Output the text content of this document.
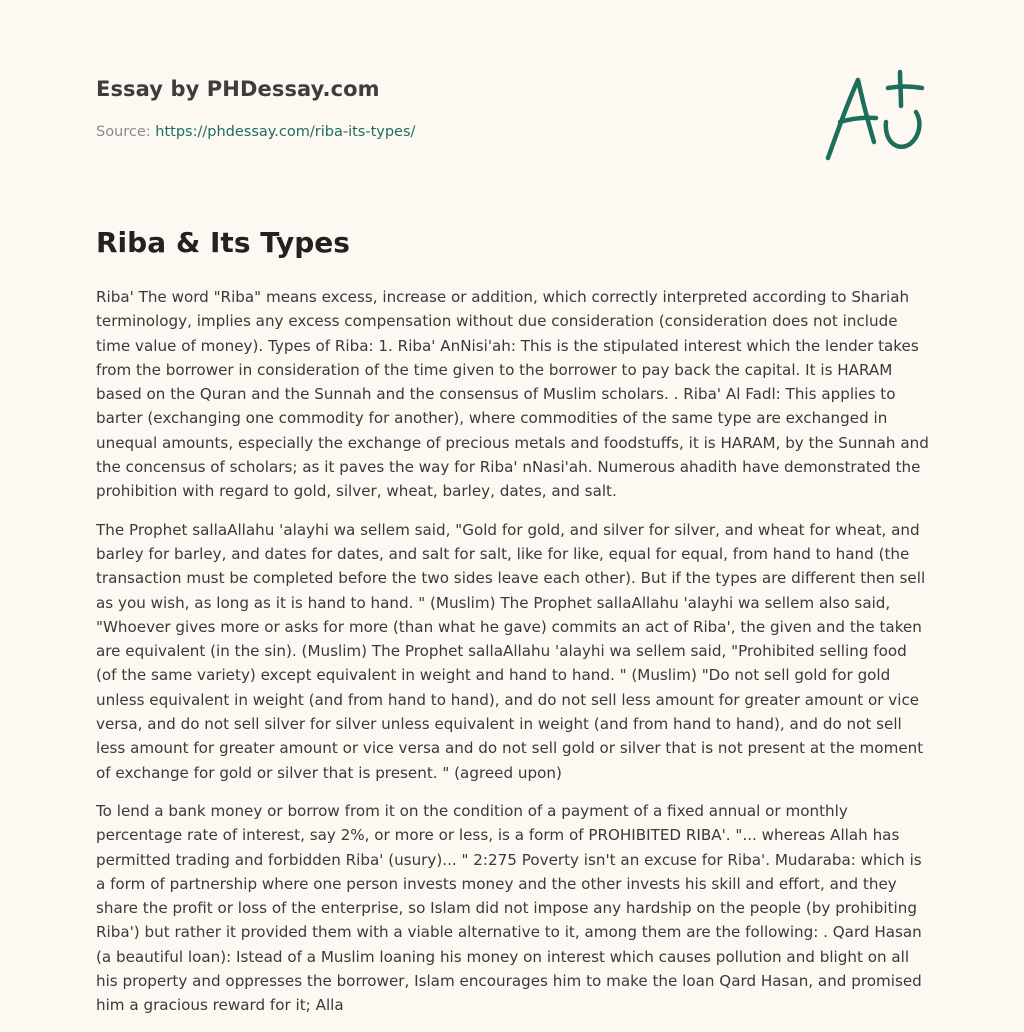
Essay by PHDessay.com
Source: https://phdessay.com/riba-its-types/
Riba & Its Types

Riba' The word "Riba" means excess, increase or addition, which correctly interpreted according to Shariah terminology, implies any excess compensation without due consideration (consideration does not include time value of money). Types of Riba: 1. Riba' AnNisi'ah: This is the stipulated interest which the lender takes from the borrower in consideration of the time given to the borrower to pay back the capital. It is HARAM based on the Quran and the Sunnah and the consensus of Muslim scholars. . Riba' Al Fadl: This applies to barter (exchanging one commodity for another), where commodities of the same type are exchanged in unequal amounts, especially the exchange of precious metals and foodstuffs, it is HARAM, by the Sunnah and the concensus of scholars; as it paves the way for Riba' nNasi'ah. Numerous ahadith have demonstrated the prohibition with regard to gold, silver, wheat, barley, dates, and salt.

The Prophet sallaAllahu 'alayhi wa sellem said, "Gold for gold, and silver for silver, and wheat for wheat, and barley for barley, and dates for dates, and salt for salt, like for like, equal for equal, from hand to hand (the transaction must be completed before the two sides leave each other). But if the types are different then sell as you wish, as long as it is hand to hand. " (Muslim) The Prophet sallaAllahu 'alayhi wa sellem also said, "Whoever gives more or asks for more (than what he gave) commits an act of Riba', the given and the taken are equivalent (in the sin). (Muslim) The Prophet sallaAllahu 'alayhi wa sellem said, "Prohibited selling food (of the same variety) except equivalent in weight and hand to hand. " (Muslim) "Do not sell gold for gold unless equivalent in weight (and from hand to hand), and do not sell less amount for greater amount or vice versa, and do not sell silver for silver unless equivalent in weight (and from hand to hand), and do not sell less amount for greater amount or vice versa and do not sell gold or silver that is not present at the moment of exchange for gold or silver that is present. " (agreed upon)

To lend a bank money or borrow from it on the condition of a payment of a fixed annual or monthly percentage rate of interest, say 2%, or more or less, is a form of PROHIBITED RIBA'. "... whereas Allah has permitted trading and forbidden Riba' (usury)... " 2:275 Poverty isn't an excuse for Riba'. Mudaraba: which is a form of partnership where one person invests money and the other invests his skill and effort, and they share the profit or loss of the enterprise, so Islam did not impose any hardship on the people (by prohibiting Riba') but rather it provided them with a viable alternative to it, among them are the following: . Qard Hasan (a beautiful loan): Istead of a Muslim loaning his money on interest which causes pollution and blight on all his property and oppresses the borrower, Islam encourages him to make the loan Qard Hasan, and promised him a gracious reward for it; Alla
